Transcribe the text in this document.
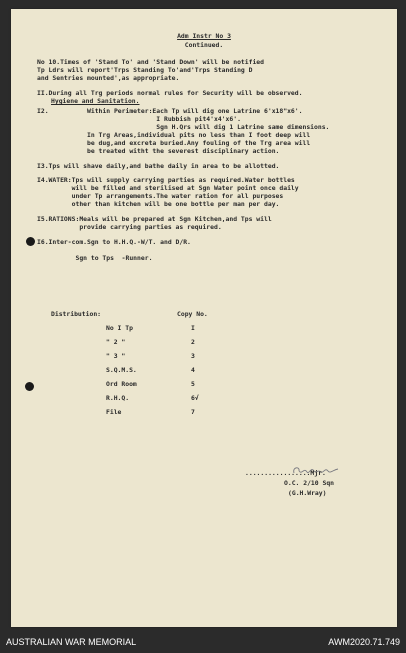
Adm Instr No 3
Continued.
No 10.Times of 'Stand To' and 'Stand Down' will be notified
Tp Ldrs will report'Trps Standing To'and'Trps Standing D
and Sentries mounted',as appropriate.
II.During all Trg periods normal rules for Security will be observed.
Hygiene and Sanitation.
I2.          Within Perimeter:Each Tp will dig one Latrine 6'x18"x6'.
I Rubbish pit4'x4'x6'.
Sgn H.Qrs will dig 1 Latrine same dimensions.
In Trg Areas,individual pits no less than I foot deep will
be dug,and excreta buried.Any fouling of the Trg area will
be treated witht the severest disciplinary action.
I3.Tps will shave daily,and bathe daily in area to be allotted.
I4.WATER:Tps will supply carrying parties as required.Water bottles
will be filled and sterilised at Sgn Water point once daily
under Tp arrangements.The water ration for all purposes
other than kitchen will be one bottle per man per day.
I5.RATIONS:Meals will be prepared at Sgn Kitchen,and Tps will
provide carrying parties as required.
I6.Inter-com.Sgn to H.H.Q.-W/T. and D/R.
Sgn to Tps  -Runner.
Distribution:	Copy No.
No I Tp	I
" 2 "	2
" 3 "	3
S.Q.M.S.	4
Ord Room	5
R.H.Q.	6√
File	7
.................Mjr.
O.C. 2/10 Sqn
(G.H.Wray)
AUSTRALIAN WAR MEMORIAL	AWM2020.71.749
